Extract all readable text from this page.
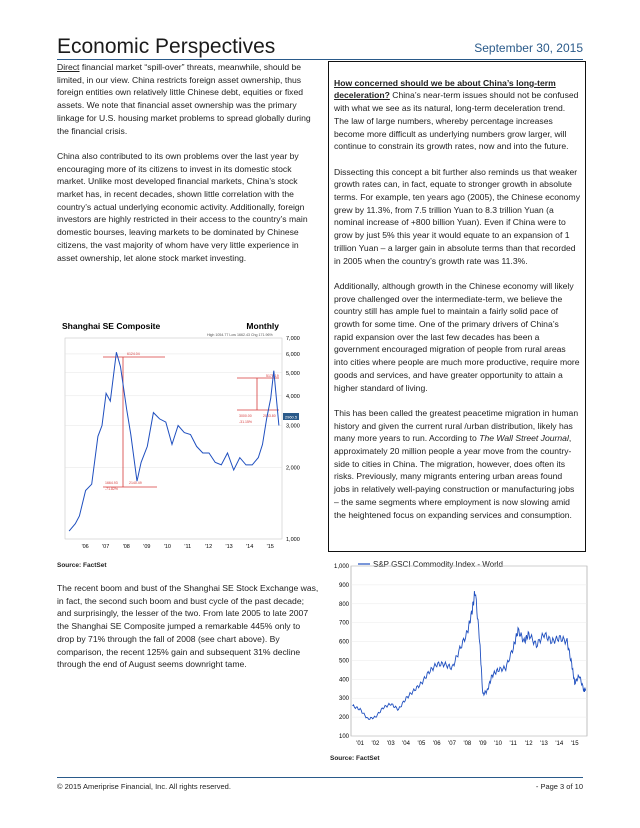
Economic Perspectives	September 30, 2015

Direct financial market “spill-over” threats, meanwhile, should be limited, in our view. China restricts foreign asset ownership, thus foreign entities own relatively little Chinese debt, equities or fixed assets. We note that financial asset ownership was the primary linkage for U.S. housing market problems to spread globally during the financial crisis.

China also contributed to its own problems over the last year by encouraging more of its citizens to invest in its domestic stock market. Unlike most developed financial markets, China’s stock market has, in recent decades, shown little correlation with the country’s actual underlying economic activity. Additionally, foreign investors are highly restricted in their access to the country’s main domestic bourses, leaving markets to be dominated by Chinese citizens, the vast majority of whom have very little experience in asset ownership, let alone stock market investing.

How concerned should we be about China’s long-term deceleration? China’s near-term issues should not be confused with what we see as its natural, long-term deceleration trend. The law of large numbers, whereby percentage increases become more difficult as underlying numbers grow larger, will continue to constrain its growth rates, now and into the future.

Dissecting this concept a bit further also reminds us that weaker growth rates can, in fact, equate to stronger growth in absolute terms. For example, ten years ago (2005), the Chinese economy grew by 11.3%, from 7.5 trillion Yuan to 8.3 trillion Yuan (a nominal increase of +800 billion Yuan). Even if China were to grow by just 5% this year it would equate to an expansion of 1 trillion Yuan – a larger gain in absolute terms than that recorded in 2005 when the country’s growth rate was 11.3%.

Additionally, although growth in the Chinese economy will likely prove challenged over the intermediate-term, we believe the country still has ample fuel to maintain a fairly solid pace of growth for some time. One of the primary drivers of China’s rapid expansion over the last few decades has been a government encouraged migration of people from rural areas into cities where people are much more productive, require more goods and services, and have greater opportunity to attain a higher standard of living.

This has been called the greatest peacetime migration in human history and given the current rural /urban distribution, likely has many more years to run. According to The Wall Street Journal, approximately 20 million people a year move from the country-side to cities in China. The migration, however, does often its risks. Previously, many migrants entering urban areas found jobs in relatively well-paying construction or manufacturing jobs – the same segments where employment is now slowing amid the heightened focus on expanding services and consumption.

Shanghai SE Composite	Monthly
High 1054.77 Low 1662.43 Chg 171.96%
1,000
2,000
3,000
4,000
5,000
6,000
7,000
'06 '07 '08 '09 '10 '11	'12 '13 '14 '15
6124.04
1664.93
-71.82%
2140.49
5178.19
3000.00
-31.15%
2033.80 2960.5
Source: FactSet

The recent boom and bust of the Shanghai SE Stock Exchange was, in fact, the second such boom and bust cycle of the past decade; and surprisingly, the lesser of the two. From late 2005 to late 2007 the Shanghai SE Composite jumped a remarkable 445% only to drop by 71% through the fall of 2008 (see chart above). By comparison, the recent 125% gain and subsequent 31% decline through the end of August seems downright tame.

S&P GSCI Commodity Index - World
100
200
300
400
500
600
700
800
900
1,000
'01 '02 '03 '04 '05 '06 '07 '08 '09 '10 '11 '12 '13 '14 '15
Source: FactSet
© 2015 Ameriprise Financial, Inc. All rights reserved.	- Page 3 of 10
